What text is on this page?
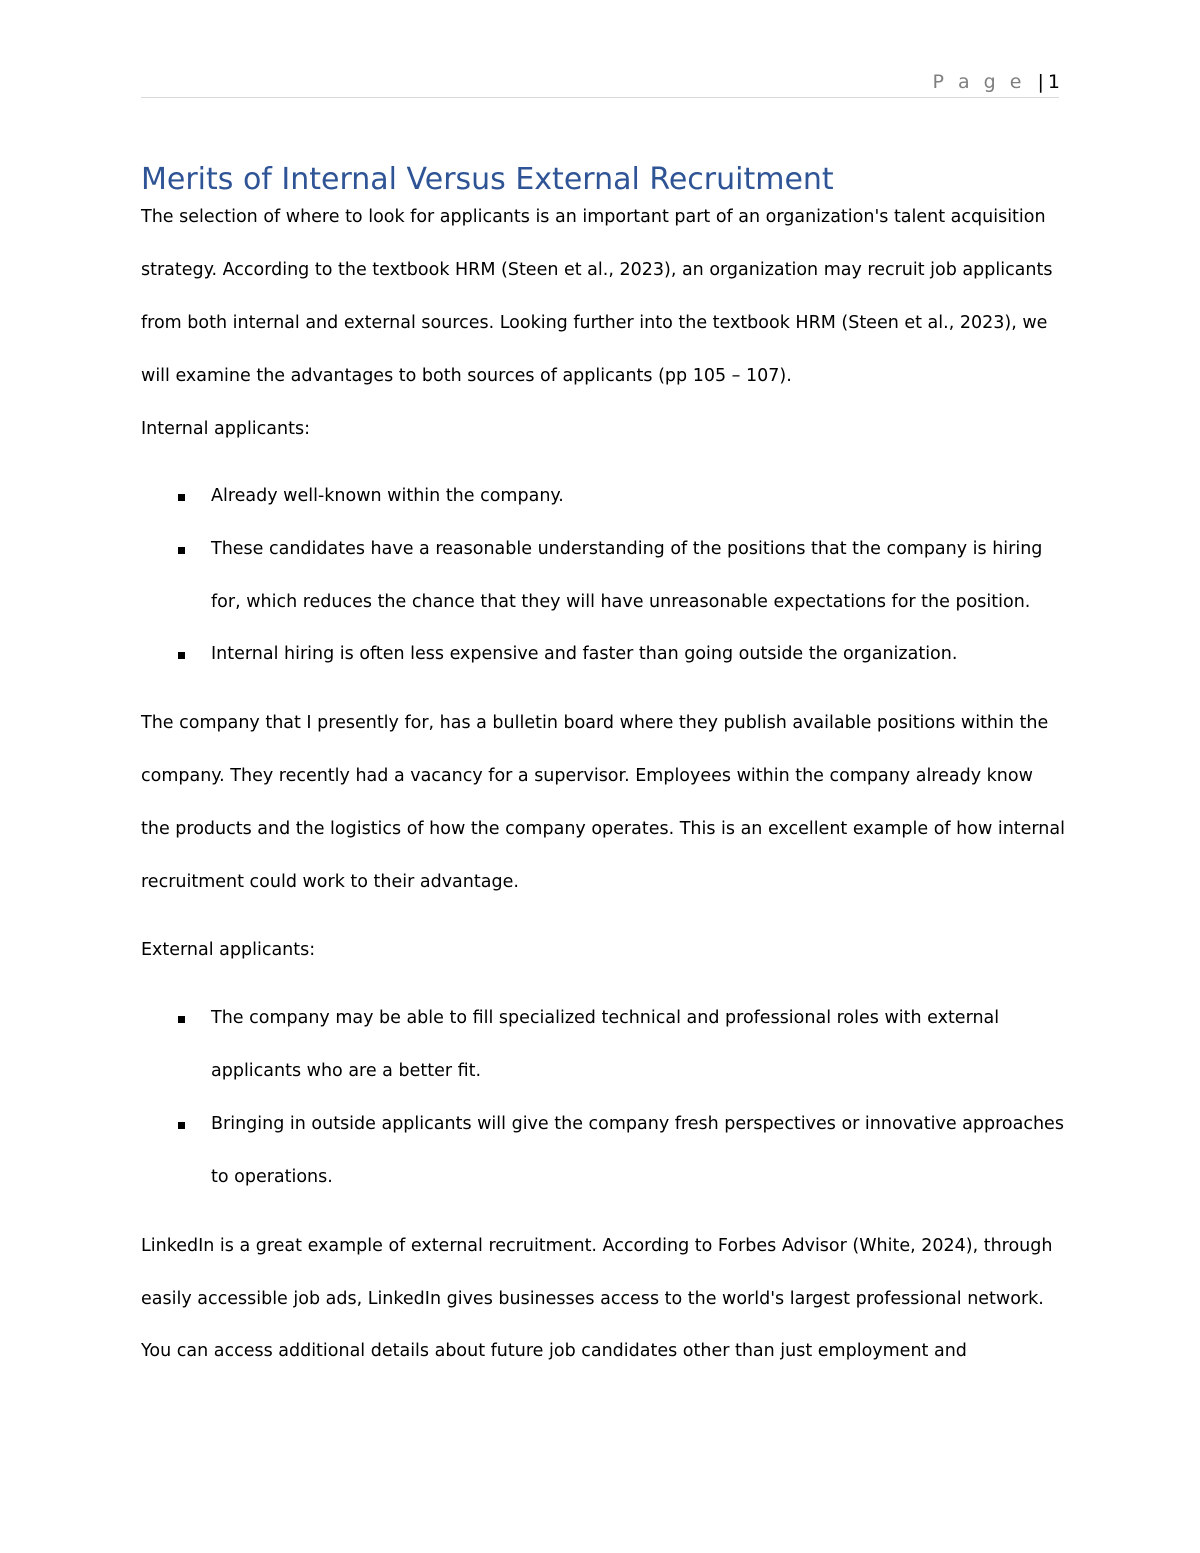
P a g e | 1
Merits of Internal Versus External Recruitment
The selection of where to look for applicants is an important part of an organization's talent acquisition
strategy. According to the textbook HRM (Steen et al., 2023), an organization may recruit job applicants
from both internal and external sources. Looking further into the textbook HRM (Steen et al., 2023), we
will examine the advantages to both sources of applicants (pp 105 – 107).
Internal applicants:
Already well-known within the company.
These candidates have a reasonable understanding of the positions that the company is hiring
for, which reduces the chance that they will have unreasonable expectations for the position.
Internal hiring is often less expensive and faster than going outside the organization.
The company that I presently for, has a bulletin board where they publish available positions within the
company. They recently had a vacancy for a supervisor. Employees within the company already know
the products and the logistics of how the company operates. This is an excellent example of how internal
recruitment could work to their advantage.
External applicants:
The company may be able to fill specialized technical and professional roles with external
applicants who are a better fit.
Bringing in outside applicants will give the company fresh perspectives or innovative approaches
to operations.
LinkedIn is a great example of external recruitment. According to Forbes Advisor (White, 2024), through
easily accessible job ads, LinkedIn gives businesses access to the world's largest professional network.
You can access additional details about future job candidates other than just employment and
